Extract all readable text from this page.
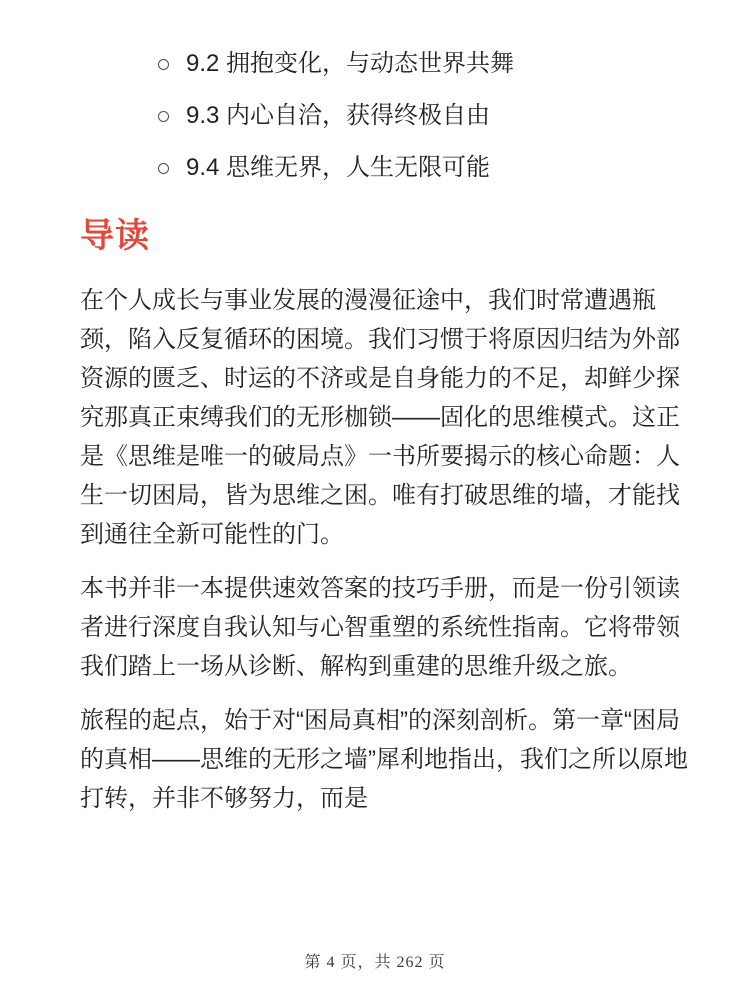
9.2 拥抱变化，与动态世界共舞
9.3 内心自洽，获得终极自由
9.4 思维无界，人生无限可能
导读

在个人成长与事业发展的漫漫征途中，我们时常遭遇瓶颈，陷入反复循环的困境。我们习惯于将原因归结为外部资源的匮乏、时运的不济或是自身能力的不足，却鲜少探究那真正束缚我们的无形枷锁——固化的思维模式。这正是《思维是唯一的破局点》一书所要揭示的核心命题：人生一切困局，皆为思维之困。唯有打破思维的墙，才能找到通往全新可能性的门。

本书并非一本提供速效答案的技巧手册，而是一份引领读者进行深度自我认知与心智重塑的系统性指南。它将带领我们踏上一场从诊断、解构到重建的思维升级之旅。

旅程的起点，始于对“困局真相”的深刻剖析。第一章“困局的真相——思维的无形之墙”犀利地指出，我们之所以原地打转，并非不够努力，而是

第 4 页，共 262 页
